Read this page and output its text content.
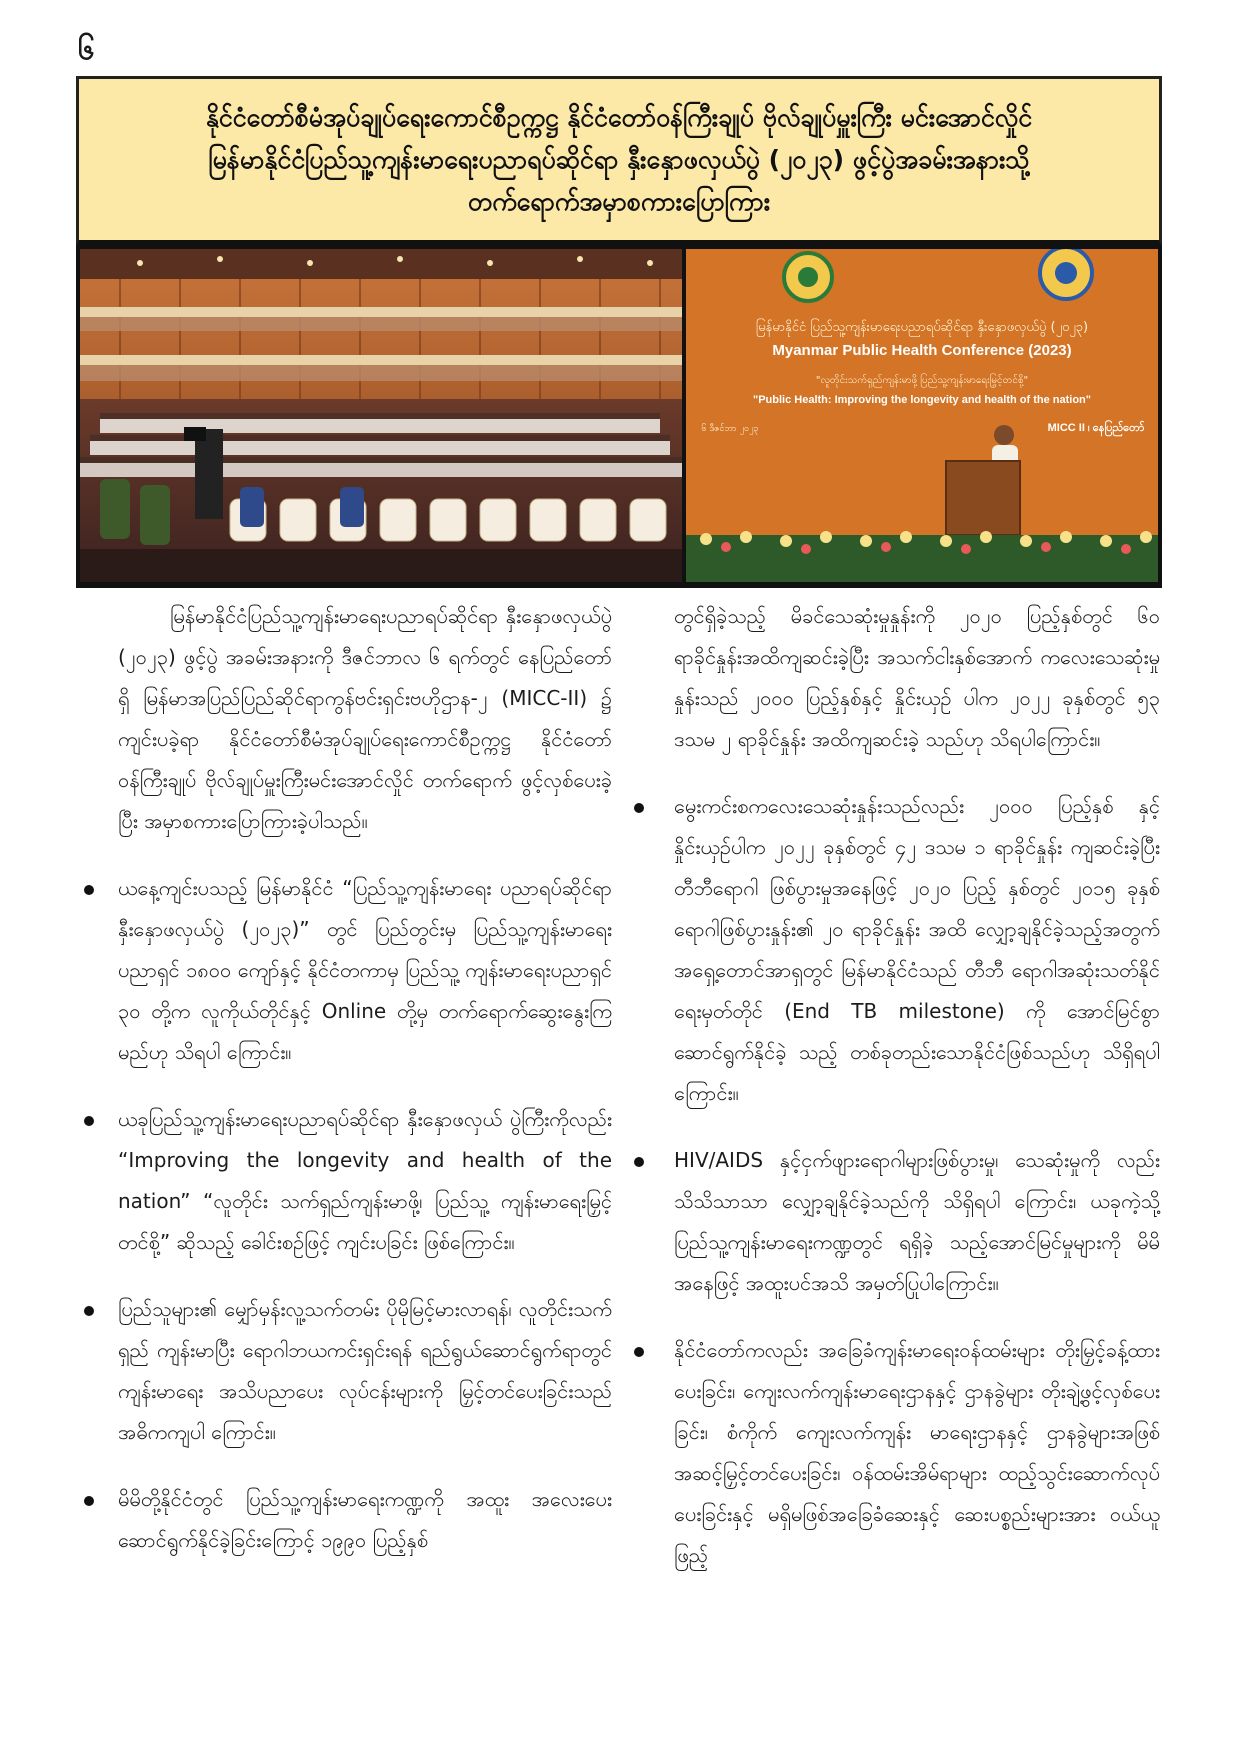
၆
နိုင်ငံတော်စီမံအုပ်ချုပ်ရေးကောင်စီဥက္ကဋ္ဌ နိုင်ငံတော်ဝန်ကြီးချုပ် ဗိုလ်ချုပ်မှူးကြီး မင်းအောင်လှိုင်
မြန်မာနိုင်ငံပြည်သူ့ကျန်းမာရေးပညာရပ်ဆိုင်ရာ နှီးနှောဖလှယ်ပွဲ (၂၀၂၃) ဖွင့်ပွဲအခမ်းအနားသို့
တက်ရောက်အမှာစကားပြောကြား
မြန်မာနိုင်ငံ ပြည်သူ့ကျန်းမာရေးပညာရပ်ဆိုင်ရာ နှီးနှောဖလှယ်ပွဲ (၂၀၂၃)
Myanmar Public Health Conference (2023)
"လူတိုင်းသက်ရှည်ကျန်းမာဖို့ ပြည်သူ့ကျန်းမာရေးမြှင့်တင်စို့"
"Public Health: Improving the longevity and health of the nation"
MICC II ၊ နေပြည်တော်
၆ ဒီဇင်ဘာ ၂၀၂၃

မြန်မာနိုင်ငံပြည်သူ့ကျန်းမာရေးပညာရပ်ဆိုင်ရာ နှီးနှောဖလှယ်ပွဲ (၂၀၂၃) ဖွင့်ပွဲ အခမ်းအနားကို ဒီဇင်ဘာလ ၆ ရက်တွင် နေပြည်တော်ရှိ မြန်မာအပြည်ပြည်ဆိုင်ရာကွန်ဗင်းရှင်းဗဟိုဌာန-၂ (MICC-II) ၌ ကျင်းပခဲ့ရာ နိုင်ငံတော်စီမံအုပ်ချုပ်ရေးကောင်စီဥက္ကဋ္ဌ နိုင်ငံတော်ဝန်ကြီးချုပ် ဗိုလ်ချုပ်မှူးကြီးမင်းအောင်လှိုင် တက်ရောက် ဖွင့်လှစ်ပေးခဲ့ပြီး အမှာစကားပြောကြားခဲ့ပါသည်။

ယနေ့ကျင်းပသည့် မြန်မာနိုင်ငံ “ပြည်သူ့ကျန်းမာရေး ပညာရပ်ဆိုင်ရာနှီးနှောဖလှယ်ပွဲ (၂၀၂၃)” တွင် ပြည်တွင်းမှ ပြည်သူ့ကျန်းမာရေးပညာရှင် ၁၈၀၀ ကျော်နှင့် နိုင်ငံတကာမှ ပြည်သူ့ ကျန်းမာရေးပညာရှင် ၃၀ တို့က လူကိုယ်တိုင်နှင့် Online တို့မှ တက်ရောက်ဆွေးနွေးကြမည်ဟု သိရပါ ကြောင်း။
ယခုပြည်သူ့ကျန်းမာရေးပညာရပ်ဆိုင်ရာ နှီးနှောဖလှယ် ပွဲကြီးကိုလည်း “Improving the longevity and health of the nation” “လူတိုင်း သက်ရှည်ကျန်းမာဖို့၊ ပြည်သူ့ ကျန်းမာရေးမြှင့်တင်စို့” ဆိုသည့် ခေါင်းစဉ်ဖြင့် ကျင်းပခြင်း ဖြစ်ကြောင်း။
ပြည်သူများ၏ မျှော်မှန်းလူ့သက်တမ်း ပိုမိုမြင့်မားလာရန်၊ လူတိုင်းသက်ရှည် ကျန်းမာပြီး ရောဂါဘယကင်းရှင်းရန် ရည်ရွယ်ဆောင်ရွက်ရာတွင် ကျန်းမာရေး အသိပညာပေး လုပ်ငန်းများကို မြှင့်တင်ပေးခြင်းသည် အဓိကကျပါ ကြောင်း။
မိမိတို့နိုင်ငံတွင် ပြည်သူ့ကျန်းမာရေးကဏ္ဍကို အထူး အလေးပေးဆောင်ရွက်နိုင်ခဲ့ခြင်းကြောင့် ၁၉၉၀ ပြည့်နှစ်

တွင်ရှိခဲ့သည့် မိခင်သေဆုံးမှုနှုန်းကို ၂၀၂၀ ပြည့်နှစ်တွင် ၆၀ ရာခိုင်နှုန်းအထိကျဆင်းခဲ့ပြီး အသက်ငါးနှစ်အောက် ကလေးသေဆုံးမှုနှုန်းသည် ၂၀၀၀ ပြည့်နှစ်နှင့် နှိုင်းယှဉ် ပါက ၂၀၂၂ ခုနှစ်တွင် ၅၃ ဒသမ ၂ ရာခိုင်နှုန်း အထိကျဆင်းခဲ့ သည်ဟု သိရပါကြောင်း။

မွေးကင်းစကလေးသေဆုံးနှုန်းသည်လည်း ၂၀၀၀ ပြည့်နှစ် နှင့်နှိုင်းယှဉ်ပါက ၂၀၂၂ ခုနှစ်တွင် ၄၂ ဒသမ ၁ ရာခိုင်နှုန်း ကျဆင်းခဲ့ပြီး တီဘီရောဂါ ဖြစ်ပွားမှုအနေဖြင့် ၂၀၂၀ ပြည့် နှစ်တွင် ၂၀၁၅ ခုနှစ် ရောဂါဖြစ်ပွားနှုန်း၏ ၂၀ ရာခိုင်နှုန်း အထိ လျှော့ချနိုင်ခဲ့သည့်အတွက် အရှေ့တောင်အာရှတွင် မြန်မာနိုင်ငံသည် တီဘီ ရောဂါအဆုံးသတ်နိုင်ရေးမှတ်တိုင် (End TB milestone) ကို အောင်မြင်စွာ ဆောင်ရွက်နိုင်ခဲ့ သည့် တစ်ခုတည်းသောနိုင်ငံဖြစ်သည်ဟု သိရှိရပါကြောင်း။
HIV/AIDS နှင့်ငှက်ဖျားရောဂါများဖြစ်ပွားမှု၊ သေဆုံးမှုကို လည်း သိသိသာသာ လျှော့ချနိုင်ခဲ့သည်ကို သိရှိရပါ ကြောင်း၊ ယခုကဲ့သို့ ပြည်သူ့ကျန်းမာရေးကဏ္ဍတွင် ရရှိခဲ့ သည့်အောင်မြင်မှုများကို မိမိအနေဖြင့် အထူးပင်အသိ အမှတ်ပြုပါကြောင်း။
နိုင်ငံတော်ကလည်း အခြေခံကျန်းမာရေးဝန်ထမ်းများ တိုးမြှင့်ခန့်ထားပေးခြင်း၊ ကျေးလက်ကျန်းမာရေးဌာနနှင့် ဌာနခွဲများ တိုးချဲ့ဖွင့်လှစ်ပေးခြင်း၊ စံကိုက် ကျေးလက်ကျန်း မာရေးဌာနနှင့် ဌာနခွဲများအဖြစ် အဆင့်မြှင့်တင်ပေးခြင်း၊ ဝန်ထမ်းအိမ်ရာများ ထည့်သွင်းဆောက်လုပ်ပေးခြင်းနှင့် မရှိမဖြစ်အခြေခံဆေးနှင့် ဆေးပစ္စည်းများအား ဝယ်ယူဖြည့်
